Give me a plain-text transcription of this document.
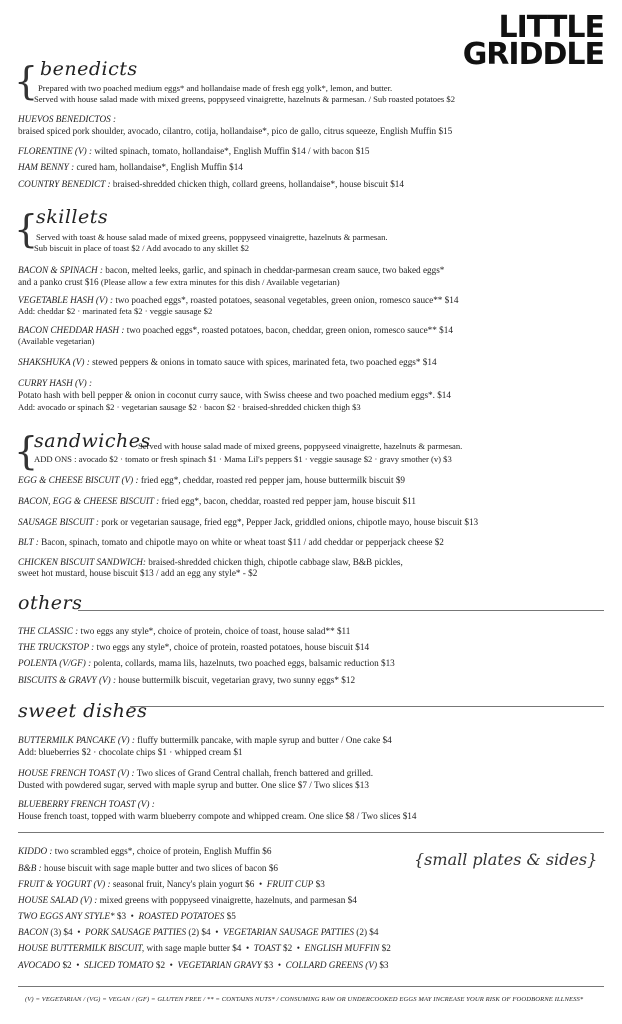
LITTLE
GRIDDLE
{ benedicts
Prepared with two poached medium eggs* and hollandaise made of fresh egg yolk*, lemon, and butter.
Served with house salad made with mixed greens, poppyseed vinaigrette, hazelnuts & parmesan. / Sub roasted potatoes $2
HUEVOS BENEDICTOS :
braised spiced pork shoulder, avocado, cilantro, cotija, hollandaise*, pico de gallo, citrus squeeze, English Muffin $15
FLORENTINE (V) : wilted spinach, tomato, hollandaise*, English Muffin $14 / with bacon $15
HAM BENNY : cured ham, hollandaise*, English Muffin $14
COUNTRY BENEDICT : braised-shredded chicken thigh, collard greens, hollandaise*, house biscuit $14
{
skillets
Served with toast & house salad made of mixed greens, poppyseed vinaigrette, hazelnuts & parmesan.
Sub biscuit in place of toast $2 / Add avocado to any skillet $2
BACON & SPINACH : bacon, melted leeks, garlic, and spinach in cheddar-parmesan cream sauce, two baked eggs*
and a panko crust $16 (Please allow a few extra minutes for this dish / Available vegetarian)
VEGETABLE HASH (V) : two poached eggs*, roasted potatoes, seasonal vegetables, green onion, romesco sauce** $14
Add: cheddar $2 · marinated feta $2 · veggie sausage $2
BACON CHEDDAR HASH : two poached eggs*, roasted potatoes, bacon, cheddar, green onion, romesco sauce** $14
(Available vegetarian)
SHAKSHUKA (V) : stewed peppers & onions in tomato sauce with spices, marinated feta, two poached eggs* $14
CURRY HASH (V) :
Potato hash with bell pepper & onion in coconut curry sauce, with Swiss cheese and two poached medium eggs*. $14
Add: avocado or spinach $2 · vegetarian sausage $2 · bacon $2 · braised-shredded chicken thigh $3
{
sandwiches
Served with house salad made of mixed greens, poppyseed vinaigrette, hazelnuts & parmesan.
ADD ONS : avocado $2 · tomato or fresh spinach $1 · Mama Lil's peppers $1 · veggie sausage $2 · gravy smother (v) $3
EGG & CHEESE BISCUIT (V) : fried egg*, cheddar, roasted red pepper jam, house buttermilk biscuit $9
BACON, EGG & CHEESE BISCUIT : fried egg*, bacon, cheddar, roasted red pepper jam, house biscuit $11
SAUSAGE BISCUIT : pork or vegetarian sausage, fried egg*, Pepper Jack, griddled onions, chipotle mayo, house biscuit $13
BLT : Bacon, spinach, tomato and chipotle mayo on white or wheat toast $11 / add cheddar or pepperjack cheese $2
CHICKEN BISCUIT SANDWICH: braised-shredded chicken thigh, chipotle cabbage slaw, B&B pickles,
sweet hot mustard, house biscuit $13 / add an egg any style* - $2
others
THE CLASSIC : two eggs any style*, choice of protein, choice of toast, house salad** $11
THE TRUCKSTOP : two eggs any style*, choice of protein, roasted potatoes, house biscuit $14
POLENTA (V/GF) : polenta, collards, mama lils, hazelnuts, two poached eggs, balsamic reduction $13
BISCUITS & GRAVY (V) : house buttermilk biscuit, vegetarian gravy, two sunny eggs* $12
sweet dishes
BUTTERMILK PANCAKE (V) : fluffy buttermilk pancake, with maple syrup and butter / One cake $4
Add: blueberries $2 · chocolate chips $1 · whipped cream $1
HOUSE FRENCH TOAST (V) : Two slices of Grand Central challah, french battered and grilled.
Dusted with powdered sugar, served with maple syrup and butter. One slice $7 / Two slices $13
BLUEBERRY FRENCH TOAST (V) :
House french toast, topped with warm blueberry compote and whipped cream. One slice $8 / Two slices $14
{small plates & sides}
KIDDO : two scrambled eggs*, choice of protein, English Muffin $6
B&B : house biscuit with sage maple butter and two slices of bacon $6
FRUIT & YOGURT (V) : seasonal fruit, Nancy's plain yogurt $6  •  FRUIT CUP $3
HOUSE SALAD (V) : mixed greens with poppyseed vinaigrette, hazelnuts, and parmesan $4
TWO EGGS ANY STYLE* $3  •  ROASTED POTATOES $5
BACON (3) $4  •  PORK SAUSAGE PATTIES (2) $4  •  VEGETARIAN SAUSAGE PATTIES (2) $4
HOUSE BUTTERMILK BISCUIT, with sage maple butter $4  •  TOAST $2  •  ENGLISH MUFFIN $2
AVOCADO $2  •  SLICED TOMATO $2  •  VEGETARIAN GRAVY $3  •  COLLARD GREENS (V) $3
(V) = VEGETARIAN / (VG) = VEGAN / (GF) = GLUTEN FREE / ** = CONTAINS NUTS* / CONSUMING RAW OR UNDERCOOKED EGGS MAY INCREASE YOUR RISK OF FOODBORNE ILLNESS*
